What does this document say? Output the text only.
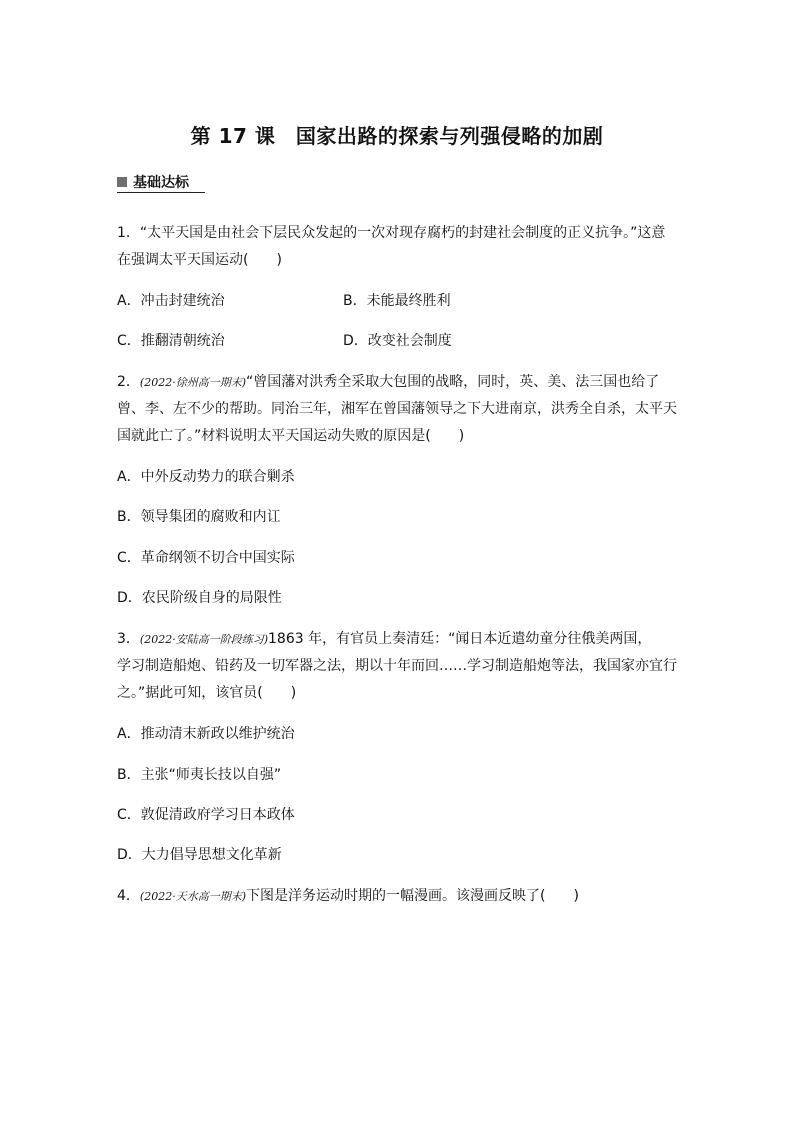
第 17 课　国家出路的探索与列强侵略的加剧
基础达标
1．“太平天国是由社会下层民众发起的一次对现存腐朽的封建社会制度的正义抗争。”这意
在强调太平天国运动(　　)
A．冲击封建统治	B．未能最终胜利
C．推翻清朝统治	D．改变社会制度
2．(2022·徐州高一期末)“曾国藩对洪秀全采取大包围的战略，同时，英、美、法三国也给了
曾、李、左不少的帮助。同治三年，湘军在曾国藩领导之下大进南京，洪秀全自杀，太平天
国就此亡了。”材料说明太平天国运动失败的原因是(　　)
A．中外反动势力的联合剿杀
B．领导集团的腐败和内讧
C．革命纲领不切合中国实际
D．农民阶级自身的局限性
3．(2022·安陆高一阶段练习)1863 年，有官员上奏清廷：“闻日本近遣幼童分往俄美两国，
学习制造船炮、铅药及一切军器之法，期以十年而回……学习制造船炮等法，我国家亦宜行
之。”据此可知，该官员(　　)
A．推动清末新政以维护统治
B．主张“师夷长技以自强”
C．敦促清政府学习日本政体
D．大力倡导思想文化革新
4．(2022·天水高一期末)下图是洋务运动时期的一幅漫画。该漫画反映了(　　)
